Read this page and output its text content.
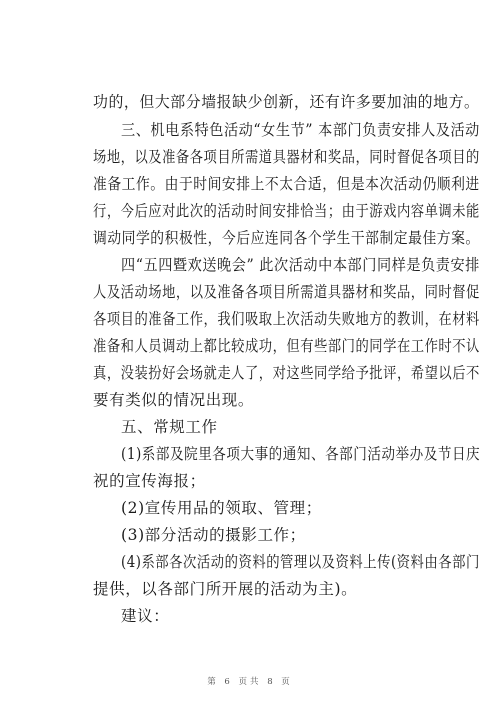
功的，但大部分墙报缺少创新，还有许多要加油的地方。
三、机电系特色活动“女生节” 本部门负责安排人及活动
场地，以及准备各项目所需道具器材和奖品，同时督促各项目的
准备工作。由于时间安排上不太合适，但是本次活动仍顺利进
行，今后应对此次的活动时间安排恰当；由于游戏内容单调未能
调动同学的积极性，今后应连同各个学生干部制定最佳方案。
四“五四暨欢送晚会” 此次活动中本部门同样是负责安排
人及活动场地，以及准备各项目所需道具器材和奖品，同时督促
各项目的准备工作，我们吸取上次活动失败地方的教训，在材料
准备和人员调动上都比较成功，但有些部门的同学在工作时不认
真，没装扮好会场就走人了，对这些同学给予批评，希望以后不
要有类似的情况出现。
五、常规工作
(1)系部及院里各项大事的通知、各部门活动举办及节日庆
祝的宣传海报；
(2)宣传用品的领取、管理；
(3)部分活动的摄影工作；
(4)系部各次活动的资料的管理以及资料上传(资料由各部门
提供，以各部门所开展的活动为主)。
建议：
第 6 页共 8 页
